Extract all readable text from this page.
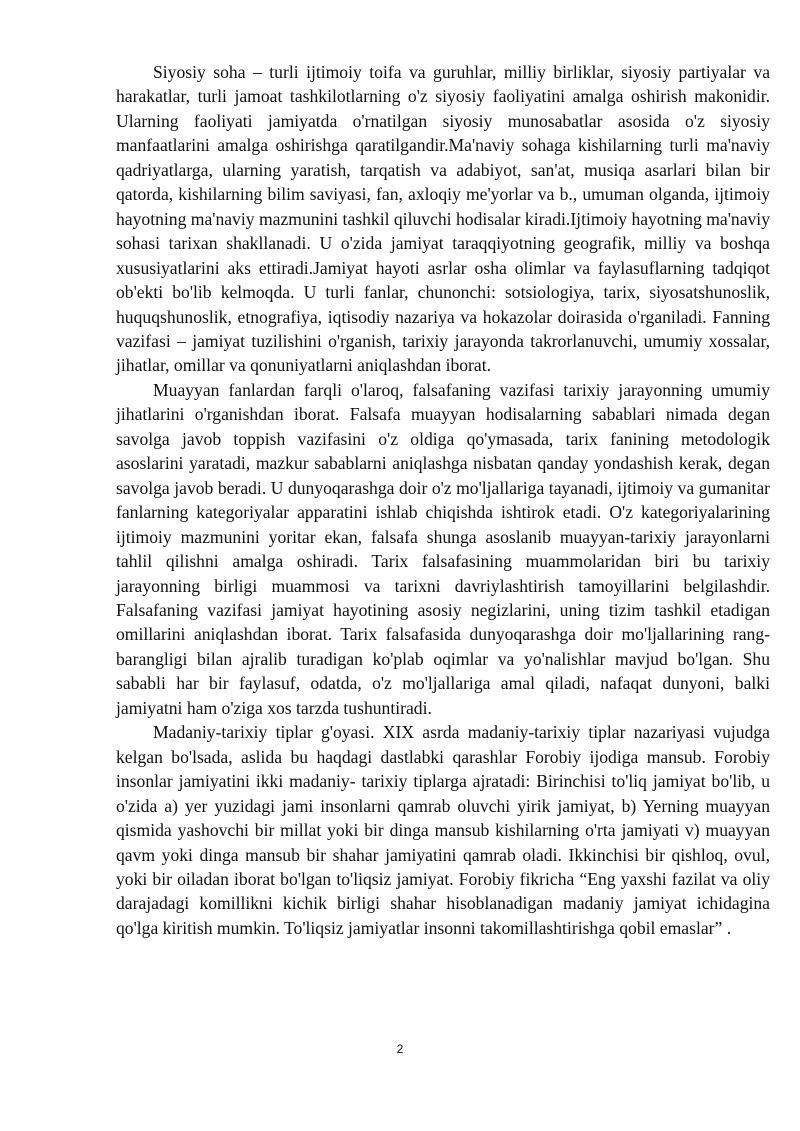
Siyosiy soha – turli ijtimoiy toifa va guruhlar, milliy birliklar, siyosiy partiyalar va harakatlar, turli jamoat tashkilotlarning o'z siyosiy faoliyatini amalga oshirish makonidir. Ularning faoliyati jamiyatda o'rnatilgan siyosiy munosabatlar asosida o'z siyosiy manfaatlarini amalga oshirishga qaratilgandir.Ma'naviy sohaga kishilarning turli ma'naviy qadriyatlarga, ularning yaratish, tarqatish va adabiyot, san'at, musiqa asarlari bilan bir qatorda, kishilarning bilim saviyasi, fan, axloqiy me'yorlar va b., umuman olganda, ijtimoiy hayotning ma'naviy mazmunini tashkil qiluvchi hodisalar kiradi.Ijtimoiy hayotning ma'naviy sohasi tarixan shakllanadi. U o'zida jamiyat taraqqiyotning geografik, milliy va boshqa xususiyatlarini aks ettiradi.Jamiyat hayoti asrlar osha olimlar va faylasuflarning tadqiqot ob'ekti bo'lib kelmoqda. U turli fanlar, chunonchi: sotsiologiya, tarix, siyosatshunoslik, huquqshunoslik, etnografiya, iqtisodiy nazariya va hokazolar doirasida o'rganiladi. Fanning vazifasi – jamiyat tuzilishini o'rganish, tarixiy jarayonda takrorlanuvchi, umumiy xossalar, jihatlar, omillar va qonuniyatlarni aniqlashdan iborat.

Muayyan fanlardan farqli o'laroq, falsafaning vazifasi tarixiy jarayonning umumiy jihatlarini o'rganishdan iborat. Falsafa muayyan hodisalarning sabablari nimada degan savolga javob toppish vazifasini o'z oldiga qo'ymasada, tarix fanining metodologik asoslarini yaratadi, mazkur sabablarni aniqlashga nisbatan qanday yondashish kerak, degan savolga javob beradi. U dunyoqarashga doir o'z mo'ljallariga tayanadi, ijtimoiy va gumanitar fanlarning kategoriyalar apparatini ishlab chiqishda ishtirok etadi. O'z kategoriyalarining ijtimoiy mazmunini yoritar ekan, falsafa shunga asoslanib muayyan-tarixiy jarayonlarni tahlil qilishni amalga oshiradi. Tarix falsafasining muammolaridan biri bu tarixiy jarayonning birligi muammosi va tarixni davriylashtirish tamoyillarini belgilashdir. Falsafaning vazifasi jamiyat hayotining asosiy negizlarini, uning tizim tashkil etadigan omillarini aniqlashdan iborat. Tarix falsafasida dunyoqarashga doir mo'ljallarining rang-barangligi bilan ajralib turadigan ko'plab oqimlar va yo'nalishlar mavjud bo'lgan. Shu sababli har bir faylasuf, odatda, o'z mo'ljallariga amal qiladi, nafaqat dunyoni, balki jamiyatni ham o'ziga xos tarzda tushuntiradi.

Madaniy-tarixiy tiplar g'oyasi. XIX asrda madaniy-tarixiy tiplar nazariyasi vujudga kelgan bo'lsada, aslida bu haqdagi dastlabki qarashlar Forobiy ijodiga mansub. Forobiy insonlar jamiyatini ikki madaniy- tarixiy tiplarga ajratadi: Birinchisi to'liq jamiyat bo'lib, u o'zida a) yer yuzidagi jami insonlarni qamrab oluvchi yirik jamiyat, b) Yerning muayyan qismida yashovchi bir millat yoki bir dinga mansub kishilarning o'rta jamiyati v) muayyan qavm yoki dinga mansub bir shahar jamiyatini qamrab oladi. Ikkinchisi bir qishloq, ovul, yoki bir oiladan iborat bo'lgan to'liqsiz jamiyat. Forobiy fikricha “Eng yaxshi fazilat va oliy darajadagi komillikni kichik birligi shahar hisoblanadigan madaniy jamiyat ichidagina qo'lga kiritish mumkin. To'liqsiz jamiyatlar insonni takomillashtirishga qobil emaslar” .

2
